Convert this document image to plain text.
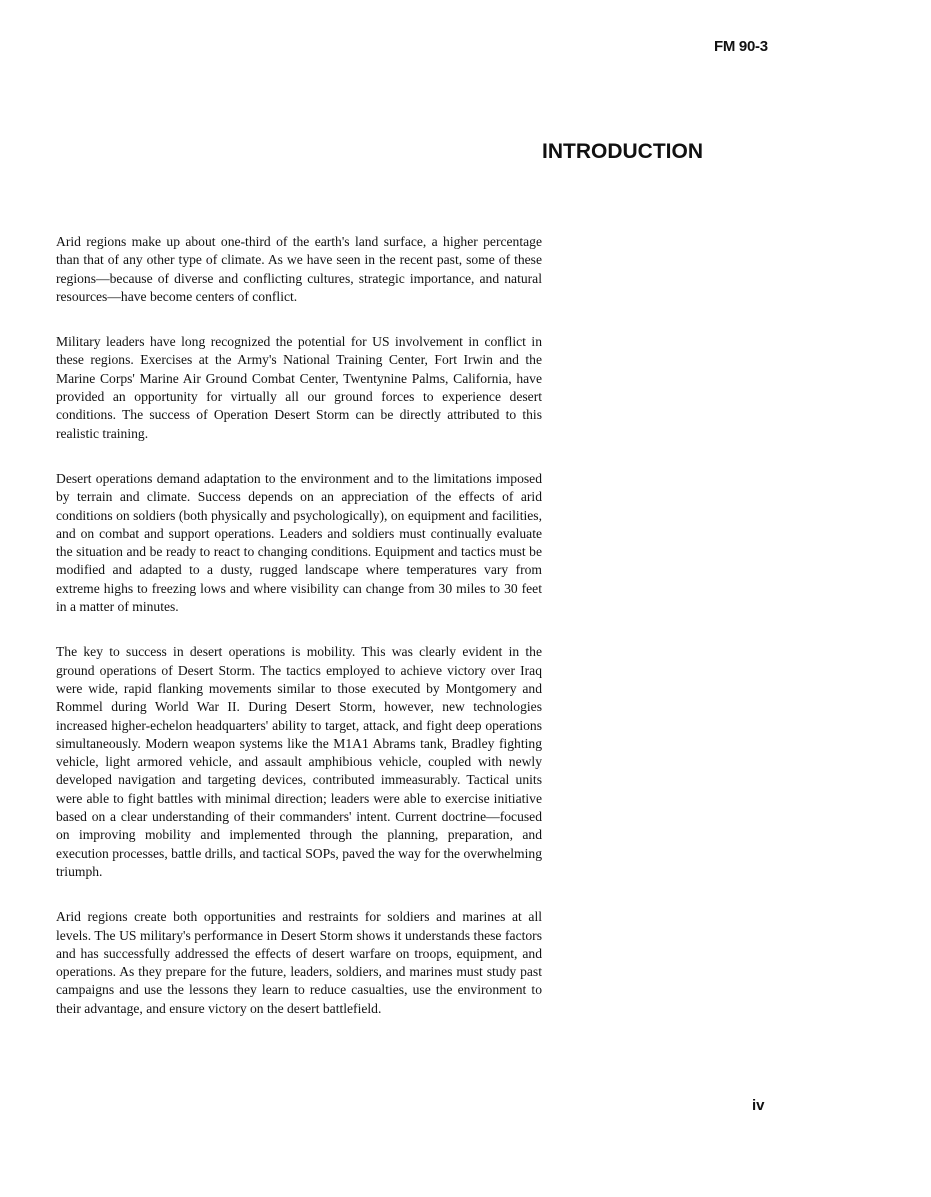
FM 90-3
INTRODUCTION

Arid regions make up about one-third of the earth's land surface, a higher percentage than that of any other type of climate. As we have seen in the recent past, some of these regions—because of diverse and conflicting cultures, strategic importance, and natural resources—have become centers of conflict.

Military leaders have long recognized the potential for US involvement in conflict in these regions. Exercises at the Army's National Training Center, Fort Irwin and the Marine Corps' Marine Air Ground Combat Center, Twentynine Palms, California, have provided an opportunity for virtually all our ground forces to experience desert conditions. The success of Operation Desert Storm can be directly attributed to this realistic training.

Desert operations demand adaptation to the environment and to the limitations imposed by terrain and climate. Success depends on an appreciation of the effects of arid conditions on soldiers (both physically and psychologically), on equipment and facilities, and on combat and support operations. Leaders and soldiers must continually evaluate the situation and be ready to react to changing conditions. Equipment and tactics must be modified and adapted to a dusty, rugged landscape where temperatures vary from extreme highs to freezing lows and where visibility can change from 30 miles to 30 feet in a matter of minutes.

The key to success in desert operations is mobility. This was clearly evident in the ground operations of Desert Storm. The tactics employed to achieve victory over Iraq were wide, rapid flanking movements similar to those executed by Montgomery and Rommel during World War II. During Desert Storm, however, new technologies increased higher-echelon headquarters' ability to target, attack, and fight deep operations simultaneously. Modern weapon systems like the M1A1 Abrams tank, Bradley fighting vehicle, light armored vehicle, and assault amphibious vehicle, coupled with newly developed navigation and targeting devices, contributed immeasurably. Tactical units were able to fight battles with minimal direction; leaders were able to exercise initiative based on a clear understanding of their commanders' intent. Current doctrine—focused on improving mobility and implemented through the planning, preparation, and execution processes, battle drills, and tactical SOPs, paved the way for the overwhelming triumph.

Arid regions create both opportunities and restraints for soldiers and marines at all levels. The US military's performance in Desert Storm shows it understands these factors and has successfully addressed the effects of desert warfare on troops, equipment, and operations. As they prepare for the future, leaders, soldiers, and marines must study past campaigns and use the lessons they learn to reduce casualties, use the environment to their advantage, and ensure victory on the desert battlefield.

iv
